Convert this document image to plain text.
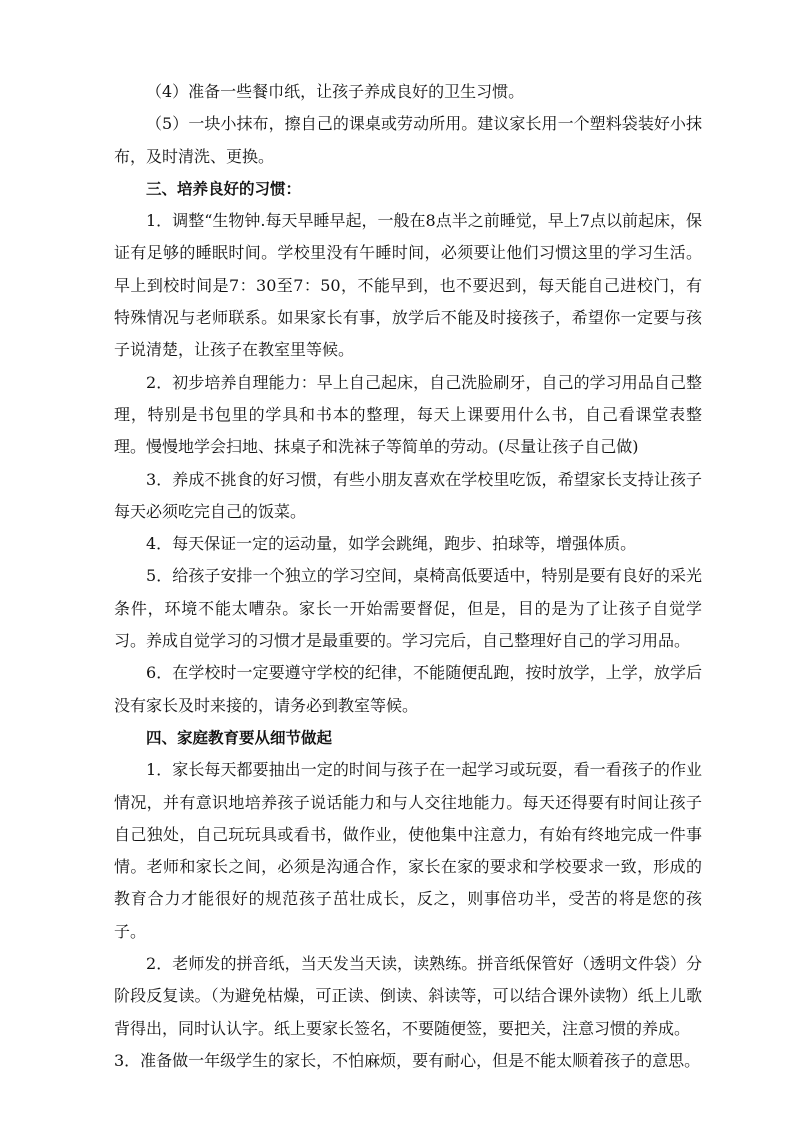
（4）准备一些餐巾纸，让孩子养成良好的卫生习惯。

（5）一块小抹布，擦自己的课桌或劳动所用。建议家长用一个塑料袋装好小抹布，及时清洗、更换。

三、培养良好的习惯：

1．调整“生物钟.每天早睡早起，一般在8点半之前睡觉，早上7点以前起床，保证有足够的睡眠时间。学校里没有午睡时间，必须要让他们习惯这里的学习生活。早上到校时间是7：30至7：50，不能早到，也不要迟到，每天能自己进校门，有特殊情况与老师联系。如果家长有事，放学后不能及时接孩子，希望你一定要与孩子说清楚，让孩子在教室里等候。

2．初步培养自理能力：早上自己起床，自己洗脸刷牙，自己的学习用品自己整理，特别是书包里的学具和书本的整理，每天上课要用什么书，自己看课堂表整理。慢慢地学会扫地、抹桌子和洗袜子等简单的劳动。(尽量让孩子自己做)

3．养成不挑食的好习惯，有些小朋友喜欢在学校里吃饭，希望家长支持让孩子每天必须吃完自己的饭菜。

4．每天保证一定的运动量，如学会跳绳，跑步、拍球等，增强体质。

5．给孩子安排一个独立的学习空间，桌椅高低要适中，特别是要有良好的采光条件，环境不能太嘈杂。家长一开始需要督促，但是，目的是为了让孩子自觉学习。养成自觉学习的习惯才是最重要的。学习完后，自己整理好自己的学习用品。

6．在学校时一定要遵守学校的纪律，不能随便乱跑，按时放学，上学，放学后没有家长及时来接的，请务必到教室等候。

四、家庭教育要从细节做起

1．家长每天都要抽出一定的时间与孩子在一起学习或玩耍，看一看孩子的作业情况，并有意识地培养孩子说话能力和与人交往地能力。每天还得要有时间让孩子自己独处，自己玩玩具或看书，做作业，使他集中注意力，有始有终地完成一件事情。老师和家长之间，必须是沟通合作，家长在家的要求和学校要求一致，形成的教育合力才能很好的规范孩子茁壮成长，反之，则事倍功半，受苦的将是您的孩子。

2．老师发的拼音纸，当天发当天读，读熟练。拼音纸保管好（透明文件袋）分阶段反复读。（为避免枯燥，可正读、倒读、斜读等，可以结合课外读物）纸上儿歌背得出，同时认认字。纸上要家长签名，不要随便签，要把关，注意习惯的养成。

3．准备做一年级学生的家长，不怕麻烦，要有耐心，但是不能太顺着孩子的意思。
